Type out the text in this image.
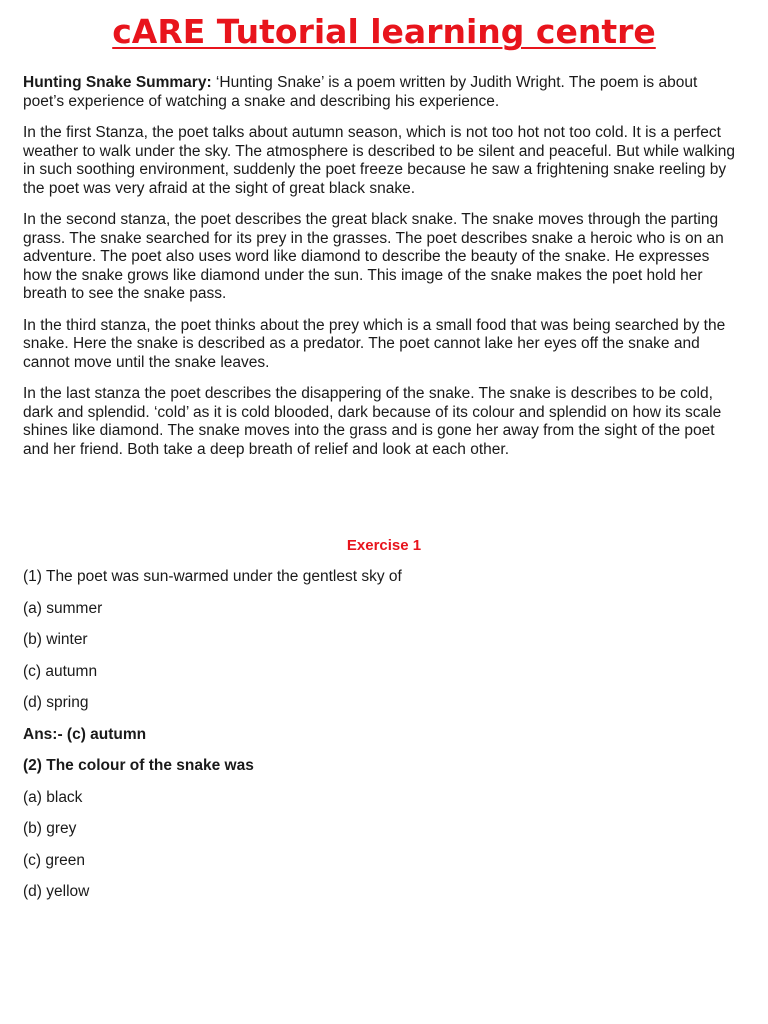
cARE Tutorial learning centre

Hunting Snake Summary: ‘Hunting Snake’ is a poem written by Judith Wright. The poem is about poet’s experience of watching a snake and describing his experience.

In the first Stanza, the poet talks about autumn season, which is not too hot not too cold. It is a perfect weather to walk under the sky. The atmosphere is described to be silent and peaceful. But while walking in such soothing environment, suddenly the poet freeze because he saw a frightening snake reeling by the poet was very afraid at the sight of great black snake.

In the second stanza, the poet describes the great black snake. The snake moves through the parting grass. The snake searched for its prey in the grasses. The poet describes snake a heroic who is on an adventure. The poet also uses word like diamond to describe the beauty of the snake. He expresses how the snake grows like diamond under the sun. This image of the snake makes the poet hold her breath to see the snake pass.

In the third stanza, the poet thinks about the prey which is a small food that was being searched by the snake. Here the snake is described as a predator. The poet cannot lake her eyes off the snake and cannot move until the snake leaves.

In the last stanza the poet describes the disappering of the snake. The snake is describes to be cold, dark and splendid. ‘cold’ as it is cold blooded, dark because of its colour and splendid on how its scale shines like diamond. The snake moves into the grass and is gone her away from the sight of the poet and her friend. Both take a deep breath of relief and look at each other.

Exercise 1
(1) The poet was sun-warmed under the gentlest sky of
(a) summer
(b) winter
(c) autumn
(d) spring
Ans:- (c) autumn
(2) The colour of the snake was
(a) black
(b) grey
(c) green
(d) yellow
